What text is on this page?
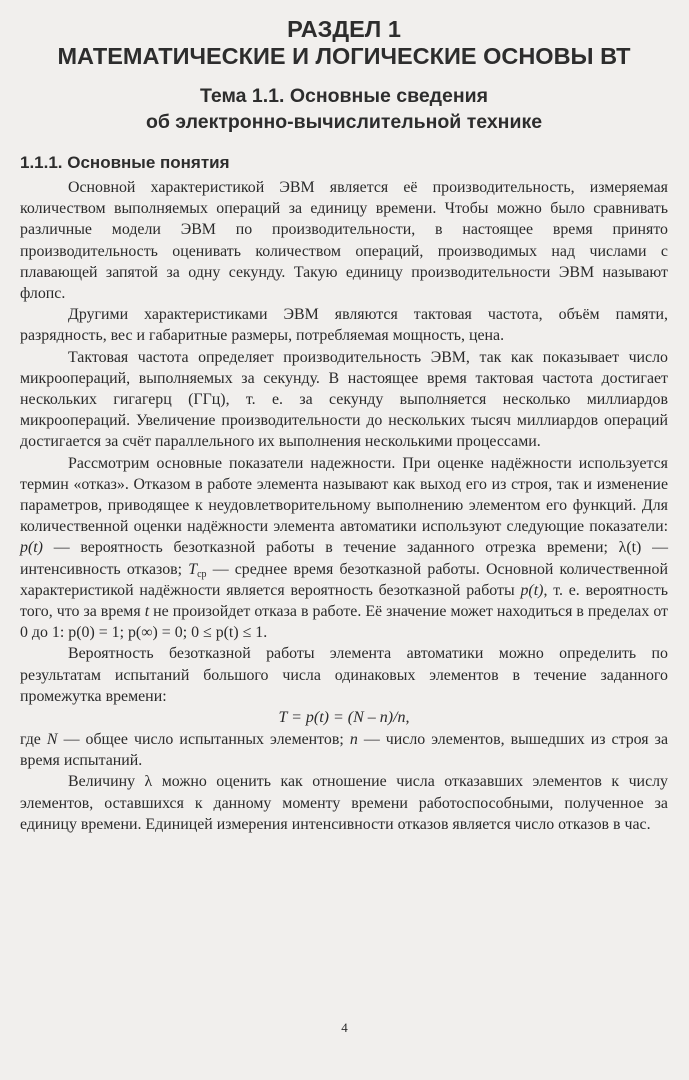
РАЗДЕЛ 1
МАТЕМАТИЧЕСКИЕ И ЛОГИЧЕСКИЕ ОСНОВЫ ВТ
Тема 1.1. Основные сведения
об электронно-вычислительной технике
1.1.1. Основные понятия

Основной характеристикой ЭВМ является её производительность, измеряемая количеством выполняемых операций за единицу времени. Чтобы можно было сравнивать различные модели ЭВМ по производительности, в настоящее время принято производительность оценивать количеством операций, производимых над числами с плавающей запятой за одну секунду. Такую единицу производительности ЭВМ называют флопс.

Другими характеристиками ЭВМ являются тактовая частота, объём памяти, разрядность, вес и габаритные размеры, потребляемая мощность, цена.

Тактовая частота определяет производительность ЭВМ, так как показывает число микроопераций, выполняемых за секунду. В настоящее время тактовая частота достигает нескольких гигагерц (ГГц), т. е. за секунду выполняется несколько миллиардов микроопераций. Увеличение производительности до нескольких тысяч миллиардов операций достигается за счёт параллельного их выполнения несколькими процессами.

Рассмотрим основные показатели надежности. При оценке надёжности используется термин «отказ». Отказом в работе элемента называют как выход его из строя, так и изменение параметров, приводящее к неудовлетворительному выполнению элементом его функций. Для количественной оценки надёжности элемента автоматики используют следующие показатели: p(t) — вероятность безотказной работы в течение заданного отрезка времени; λ(t) — интенсивность отказов; $T_{ср}$ — среднее время безотказной работы. Основной количественной характеристикой надёжности является вероятность безотказной работы p(t), т. е. вероятность того, что за время t не произойдет отказа в работе. Её значение может находиться в пределах от 0 до 1: p(0) = 1; p(∞) = 0; 0 ≤ p(t) ≤ 1.

Вероятность безотказной работы элемента автоматики можно определить по результатам испытаний большого числа одинаковых элементов в течение заданного промежутка времени:

T = p(t) = (N – n)/n,

где N — общее число испытанных элементов; n — число элементов, вышедших из строя за время испытаний.

Величину λ можно оценить как отношение числа отказавших элементов к числу элементов, оставшихся к данному моменту времени работоспособными, полученное за единицу времени. Единицей измерения интенсивности отказов является число отказов в час.

4
